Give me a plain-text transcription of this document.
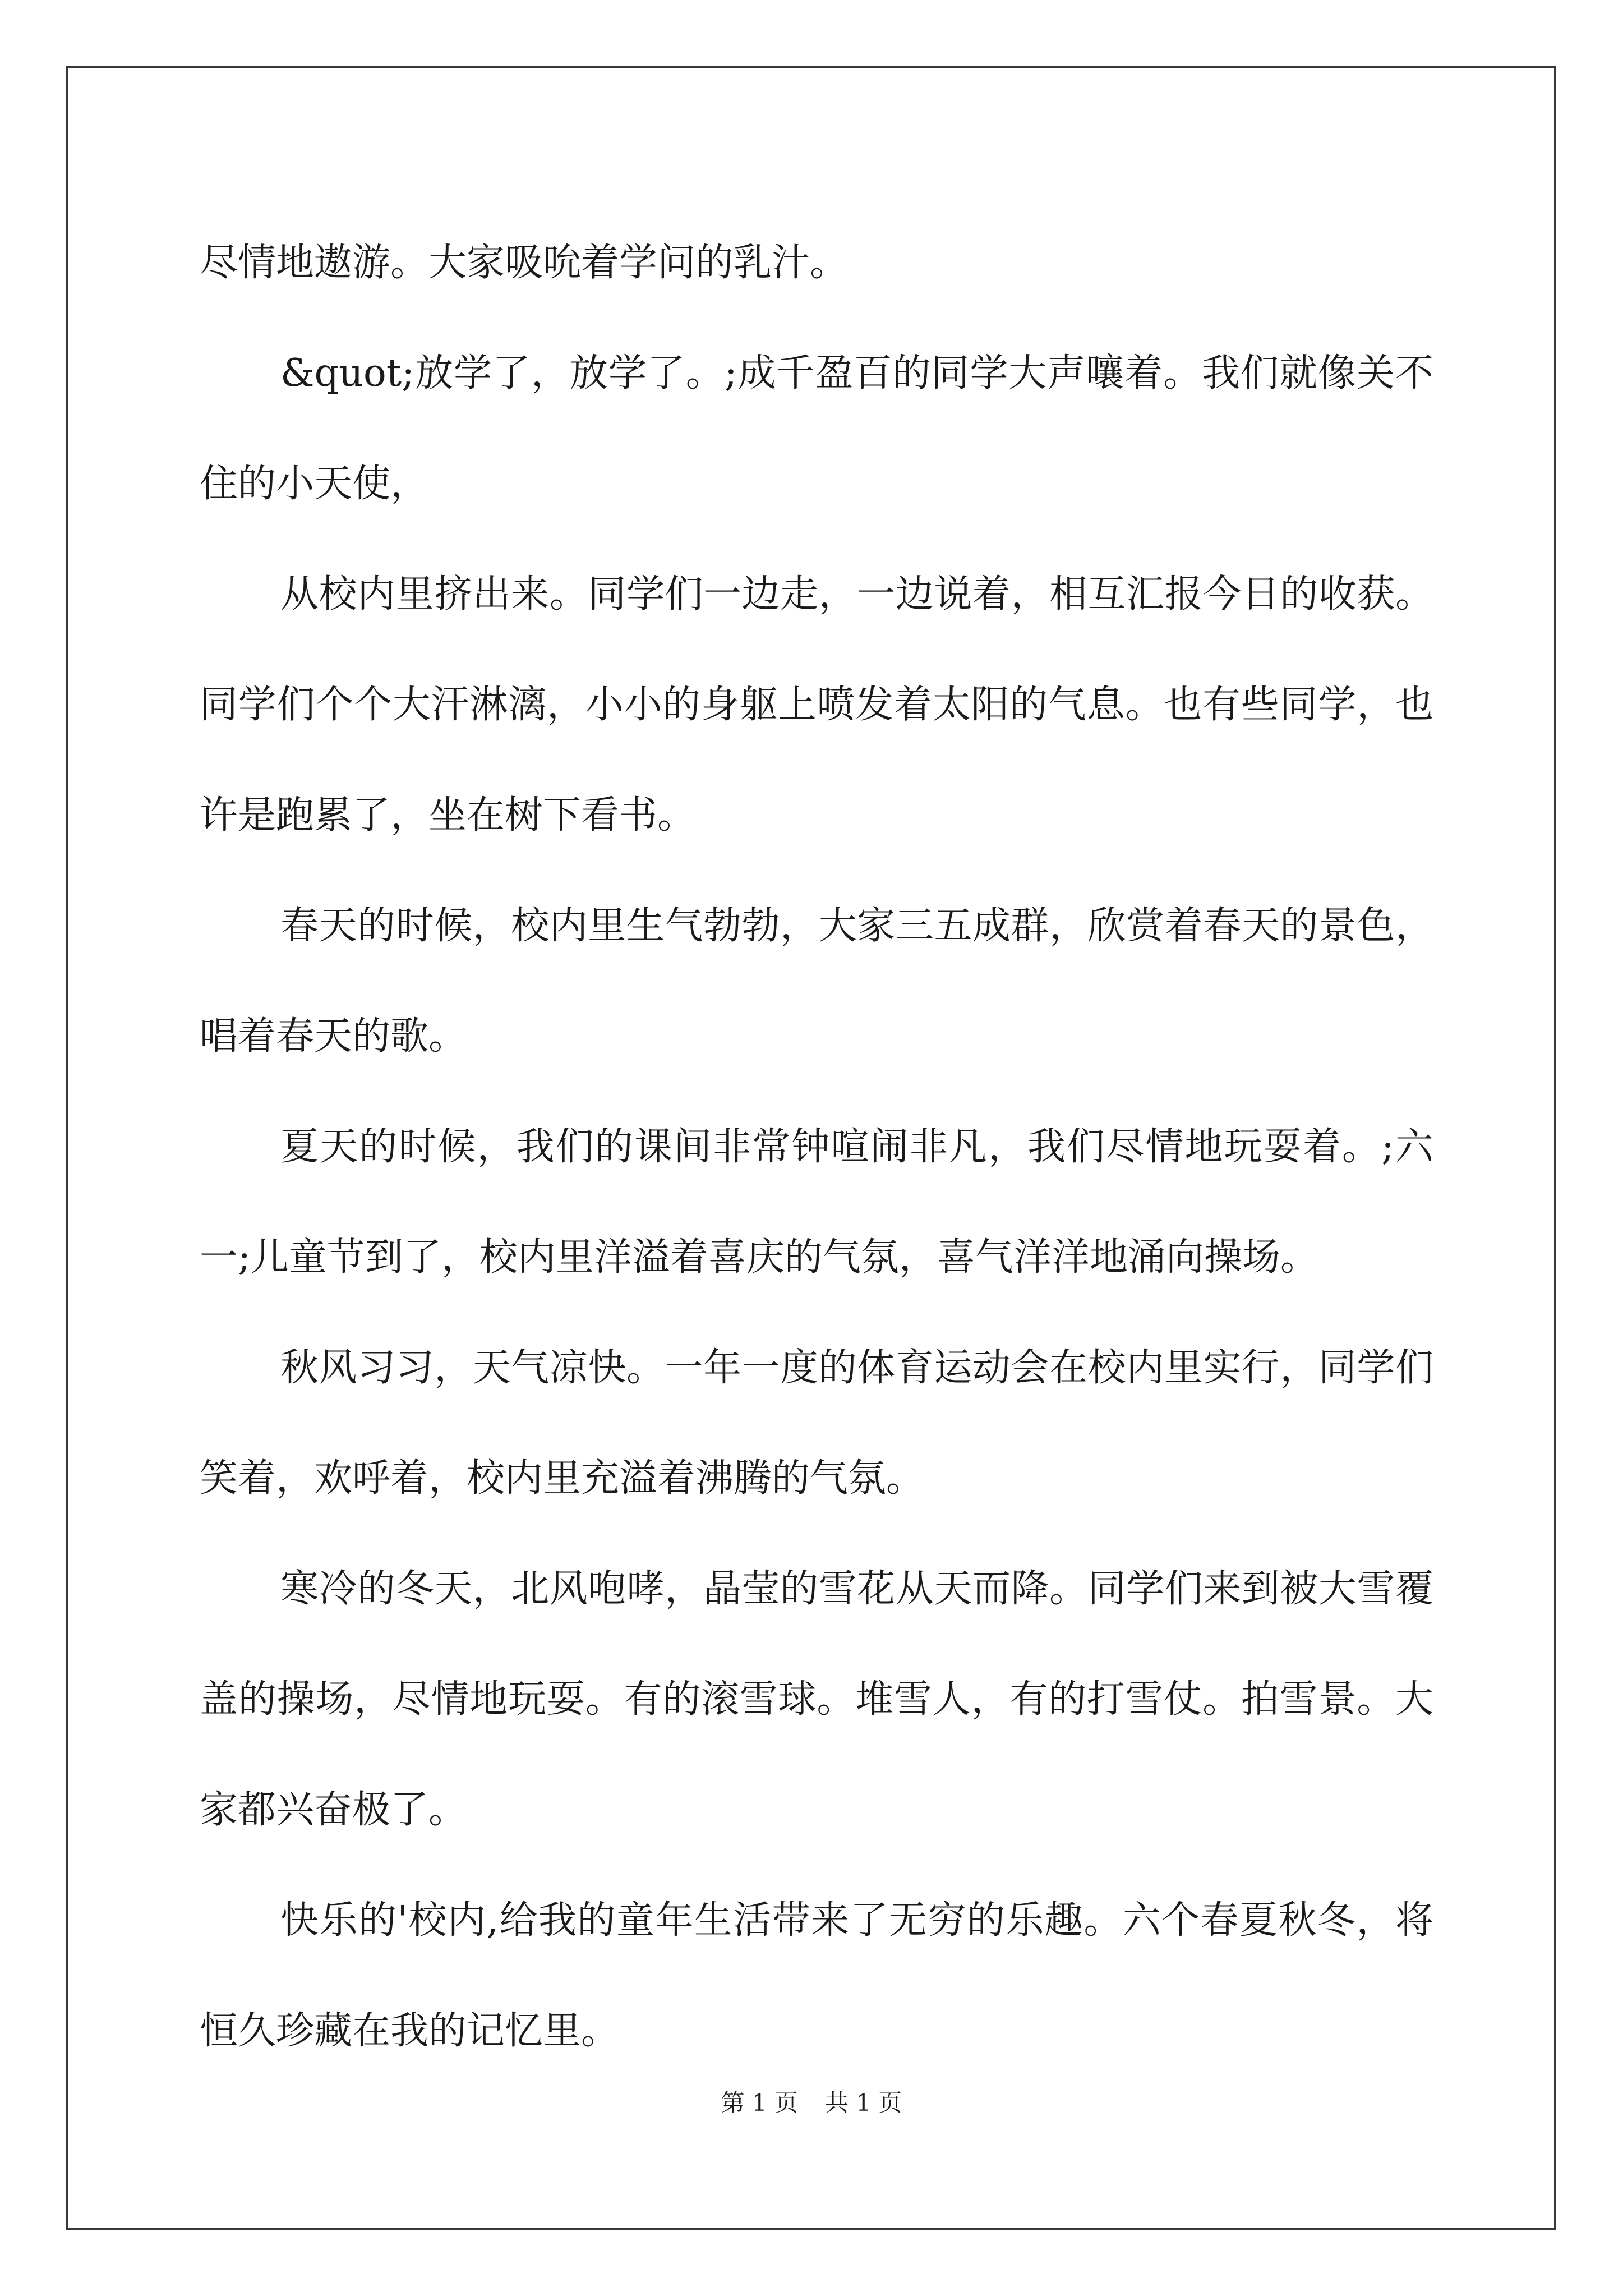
尽情地遨游。大家吸吮着学问的乳汁。

&quot;放学了，放学了。;成千盈百的同学大声嚷着。我们就像关不住的小天使，

从校内里挤出来。同学们一边走，一边说着，相互汇报今日的收获。同学们个个大汗淋漓，小小的身躯上喷发着太阳的气息。也有些同学，也许是跑累了，坐在树下看书。

春天的时候，校内里生气勃勃，大家三五成群，欣赏着春天的景色，唱着春天的歌。

夏天的时候，我们的课间非常钟喧闹非凡，我们尽情地玩耍着。;六一;儿童节到了，校内里洋溢着喜庆的气氛，喜气洋洋地涌向操场。

秋风习习，天气凉快。一年一度的体育运动会在校内里实行，同学们笑着，欢呼着，校内里充溢着沸腾的气氛。

寒冷的冬天，北风咆哮，晶莹的雪花从天而降。同学们来到被大雪覆盖的操场，尽情地玩耍。有的滚雪球。堆雪人，有的打雪仗。拍雪景。大家都兴奋极了。

快乐的'校内,给我的童年生活带来了无穷的乐趣。六个春夏秋冬，将恒久珍藏在我的记忆里。

第 1 页 共 1 页
